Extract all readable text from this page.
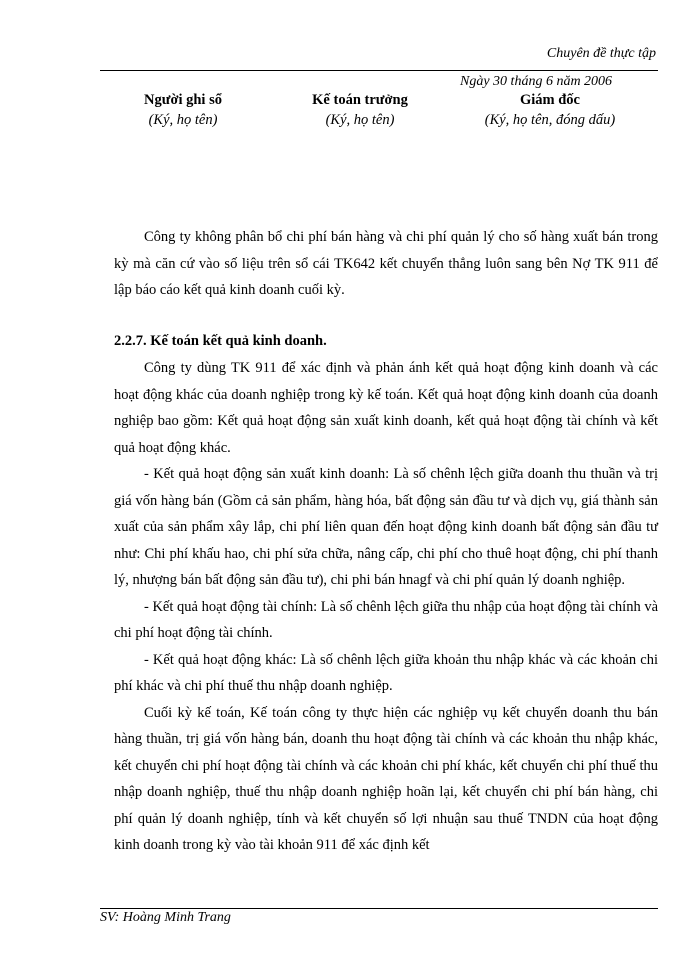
Chuyên đề thực tập
Ngày 30 tháng 6 năm 2006
Người ghi sổ
(Ký, họ tên)
Kế toán trưởng
(Ký, họ tên)
Giám đốc
(Ký, họ tên, đóng dấu)

Công ty không phân bổ chi phí bán hàng và chi phí quản lý cho số hàng xuất bán trong kỳ mà căn cứ vào số liệu trên sổ cái TK642 kết chuyển thẳng luôn sang bên Nợ TK 911 để lập báo cáo kết quả kinh doanh cuối kỳ.

2.2.7. Kế toán kết quả kinh doanh.

Công ty dùng TK 911 để xác định và phản ánh kết quả hoạt động kinh doanh và các hoạt động khác của doanh nghiệp trong kỳ kế toán. Kết quả hoạt động kinh doanh của doanh nghiệp bao gồm: Kết quả hoạt động sản xuất kinh doanh, kết quả hoạt động tài chính và kết quả hoạt động khác.

- Kết quả hoạt động sản xuất kinh doanh: Là số chênh lệch giữa doanh thu thuần và trị giá vốn hàng bán (Gồm cả sản phẩm, hàng hóa, bất động sản đầu tư và dịch vụ, giá thành sản xuất của sản phẩm xây lắp, chi phí liên quan đến hoạt động kinh doanh bất động sản đầu tư như: Chi phí khấu hao, chi phí sửa chữa, nâng cấp, chi phí cho thuê hoạt động, chi phí thanh lý, nhượng bán bất động sản đầu tư), chi phi bán hnagf và chi phí quản lý doanh nghiệp.

- Kết quả hoạt động tài chính: Là số chênh lệch giữa thu nhập của hoạt động tài chính và chi phí hoạt động tài chính.

- Kết quả hoạt động khác: Là số chênh lệch giữa khoản thu nhập khác và các khoản chi phí khác và chi phí thuế thu nhập doanh nghiệp.

Cuối kỳ kế toán, Kế toán công ty thực hiện các nghiệp vụ kết chuyển doanh thu bán hàng thuần, trị giá vốn hàng bán, doanh thu hoạt động tài chính và các khoản thu nhập khác, kết chuyển chi phí hoạt động tài chính và các khoản chi phí khác, kết chuyển chi phí thuế thu nhập doanh nghiệp, thuế thu nhập doanh nghiệp hoãn lại, kết chuyển chi phí bán hàng, chi phí quản lý doanh nghiệp, tính và kết chuyển số lợi nhuận sau thuế TNDN của hoạt động kinh doanh trong kỳ vào tài khoản 911 để xác định kết

SV: Hoàng Minh Trang
